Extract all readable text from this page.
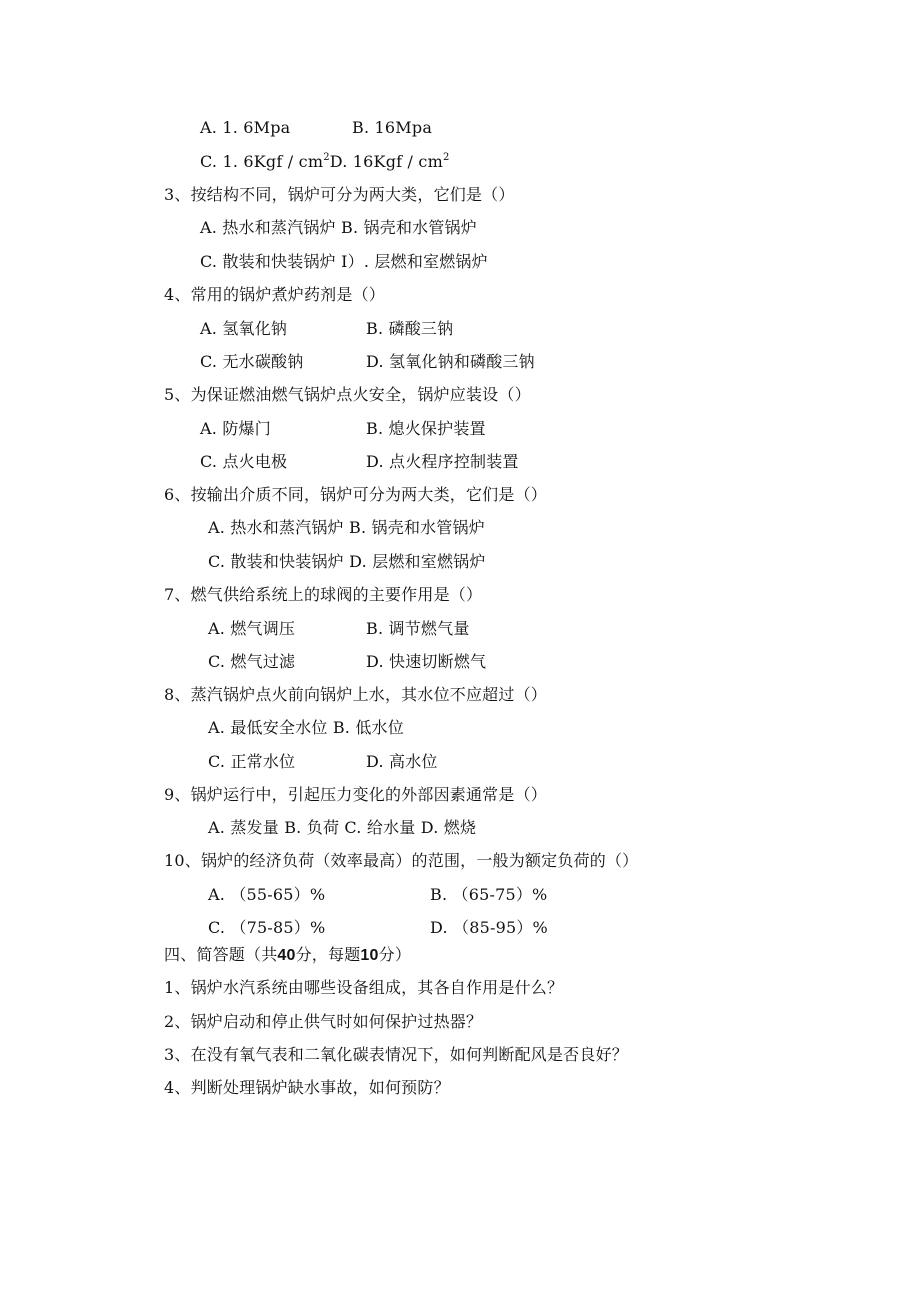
A. 1. 6Mpa	B. 16Mpa
C. 1. $6Kgf / cm^2D$. $16Kgf / cm^2$
3、按结构不同，锅炉可分为两大类，它们是（）
A. 热水和蒸汽锅炉 B. 锅壳和水管锅炉
C. 散装和快装锅炉 I）. 层燃和室燃锅炉
4、常用的锅炉煮炉药剂是（）
A. 氢氧化钠	B. 磷酸三钠
C. 无水碳酸钠	D. 氢氧化钠和磷酸三钠
5、为保证燃油燃气锅炉点火安全，锅炉应装设（）
A. 防爆门	B. 熄火保护装置
C. 点火电极	D. 点火程序控制装置
6、按输出介质不同，锅炉可分为两大类，它们是（）
A. 热水和蒸汽锅炉 B. 锅壳和水管锅炉
C. 散装和快装锅炉 D. 层燃和室燃锅炉
7、燃气供给系统上的球阀的主要作用是（）
A. 燃气调压	B. 调节燃气量
C. 燃气过滤	D. 快速切断燃气
8、蒸汽锅炉点火前向锅炉上水，其水位不应超过（）
A. 最低安全水位 B. 低水位
C. 正常水位	D. 高水位
9、锅炉运行中，引起压力变化的外部因素通常是（）
A. 蒸发量 B. 负荷 C. 给水量 D. 燃烧
10、锅炉的经济负荷（效率最高）的范围，一般为额定负荷的（）
A. （55-65）%	B. （65-75）%
C. （75-85）%	D. （85-95）%
四、简答题（共40分，每题10分）
1、锅炉水汽系统由哪些设备组成，其各自作用是什么？
2、锅炉启动和停止供气时如何保护过热器？
3、在没有氧气表和二氧化碳表情况下，如何判断配风是否良好？
4、判断处理锅炉缺水事故，如何预防？
